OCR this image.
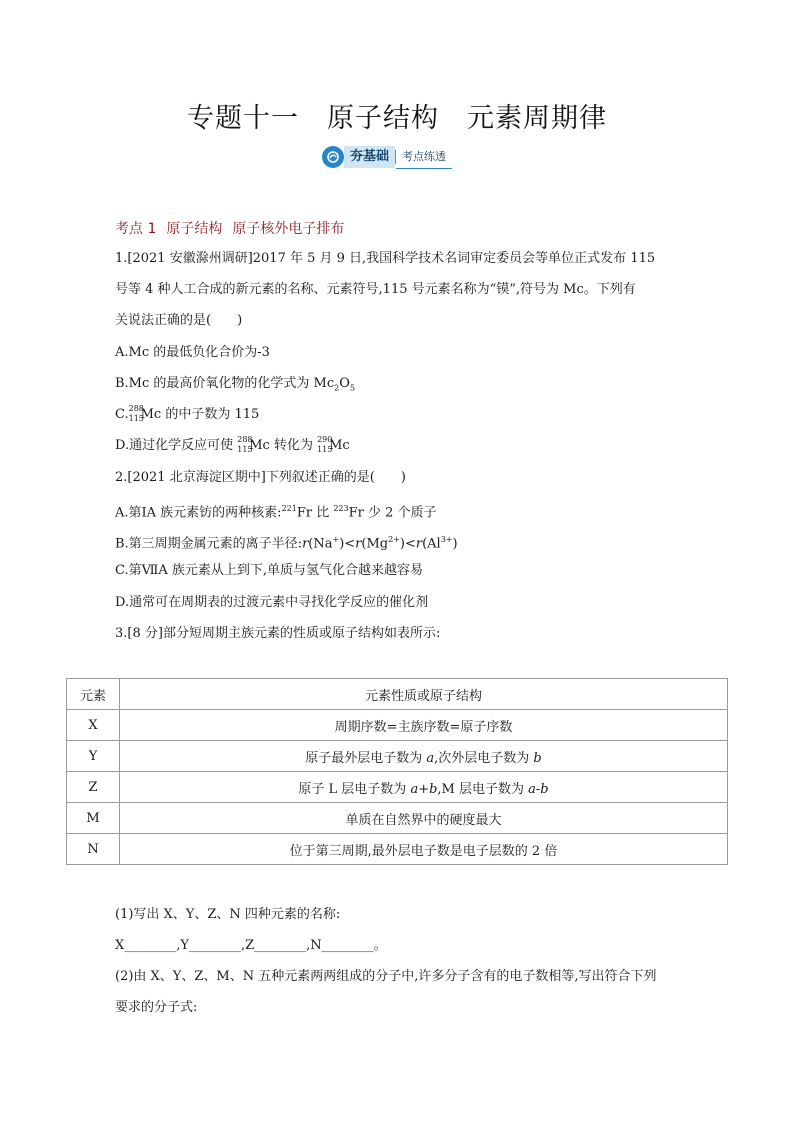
专题十一 原子结构 元素周期律
夯基础	考点练透
考点 1 原子结构 原子核外电子排布
1.[2021 安徽滁州调研]2017 年 5 月 9 日,我国科学技术名词审定委员会等单位正式发布 115
号等 4 种人工合成的新元素的名称、元素符号,115 号元素名称为“镆”,符号为 Mc。下列有
关说法正确的是(　　)
A.Mc 的最低负化合价为-3
B.Mc 的最高价氧化物的化学式为 $Mc_2O_5$
C. 288
115
Mc 的中子数为 115
D.通过化学反应可使 288
115
Mc 转化为 290
115
Mc
2.[2021 北京海淀区期中]下列叙述正确的是(　　)
A.第ⅠA 族元素钫的两种核素:$^{221}$Fr 比 $^{223}$Fr 少 2 个质子
B.第三周期金属元素的离子半径$:r(Na^+)<r(Mg^{2+})<r(Al^{3+})$
C.第ⅦA 族元素从上到下,单质与氢气化合越来越容易
D.通常可在周期表的过渡元素中寻找化学反应的催化剂
3.[8 分]部分短周期主族元素的性质或原子结构如表所示:
元素	元素性质或原子结构
X	周期序数=主族序数=原子序数
Y	原子最外层电子数为 a,次外层电子数为 b
Z	原子 L 层电子数为 a+b,M 层电子数为 a-b
M	单质在自然界中的硬度最大
N	位于第三周期,最外层电子数是电子层数的 2 倍
(1)写出 X、Y、Z、N 四种元素的名称:
X________,Y________,Z________,N________。
(2)由 X、Y、Z、M、N 五种元素两两组成的分子中,许多分子含有的电子数相等,写出符合下列
要求的分子式:
